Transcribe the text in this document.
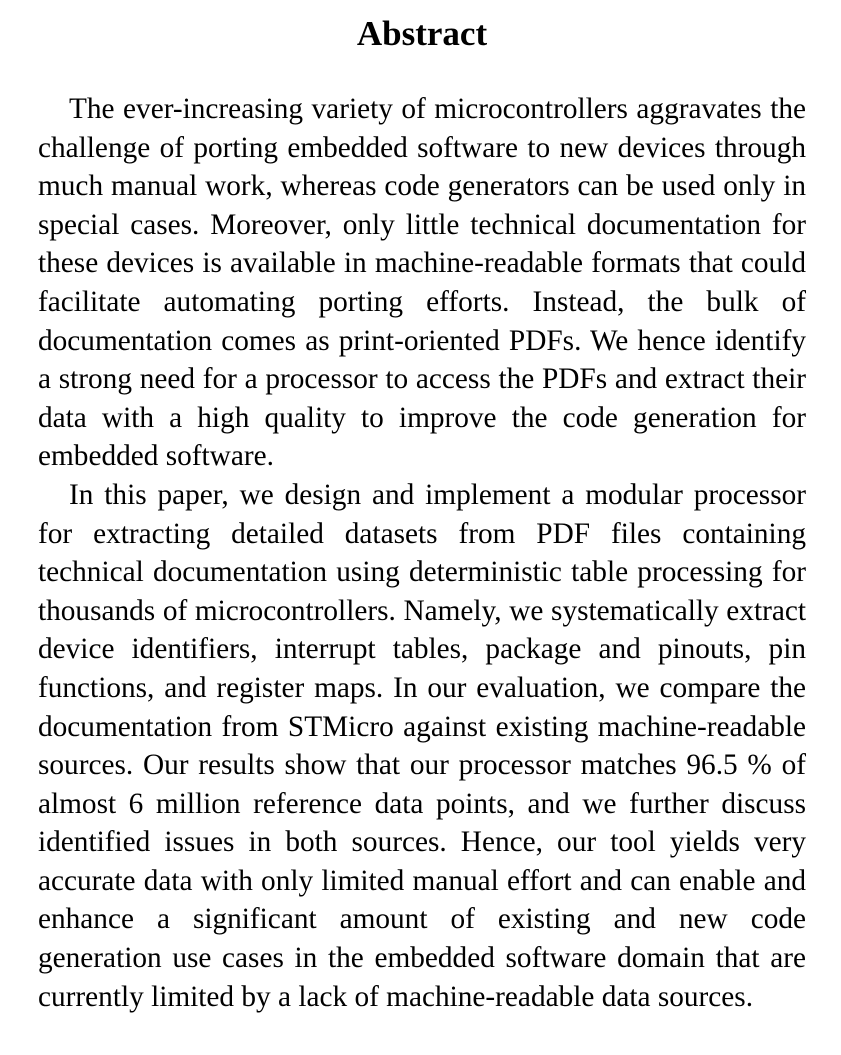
Abstract

The ever-increasing variety of microcontrollers aggravates the challenge of porting embedded software to new devices through much manual work, whereas code generators can be used only in special cases. Moreover, only little technical documentation for these devices is available in machine-readable formats that could facilitate automating porting efforts. Instead, the bulk of documentation comes as print-oriented PDFs. We hence identify a strong need for a processor to access the PDFs and extract their data with a high quality to improve the code generation for embedded software.

In this paper, we design and implement a modular processor for extracting detailed datasets from PDF files containing technical documentation using deterministic table processing for thousands of microcontrollers. Namely, we systematically extract device identifiers, interrupt tables, package and pinouts, pin functions, and register maps. In our evaluation, we compare the documentation from STMicro against existing machine-readable sources. Our results show that our processor matches 96.5 % of almost 6 million reference data points, and we further discuss identified issues in both sources. Hence, our tool yields very accurate data with only limited manual effort and can enable and enhance a significant amount of existing and new code generation use cases in the embedded software domain that are currently limited by a lack of machine-readable data sources.
